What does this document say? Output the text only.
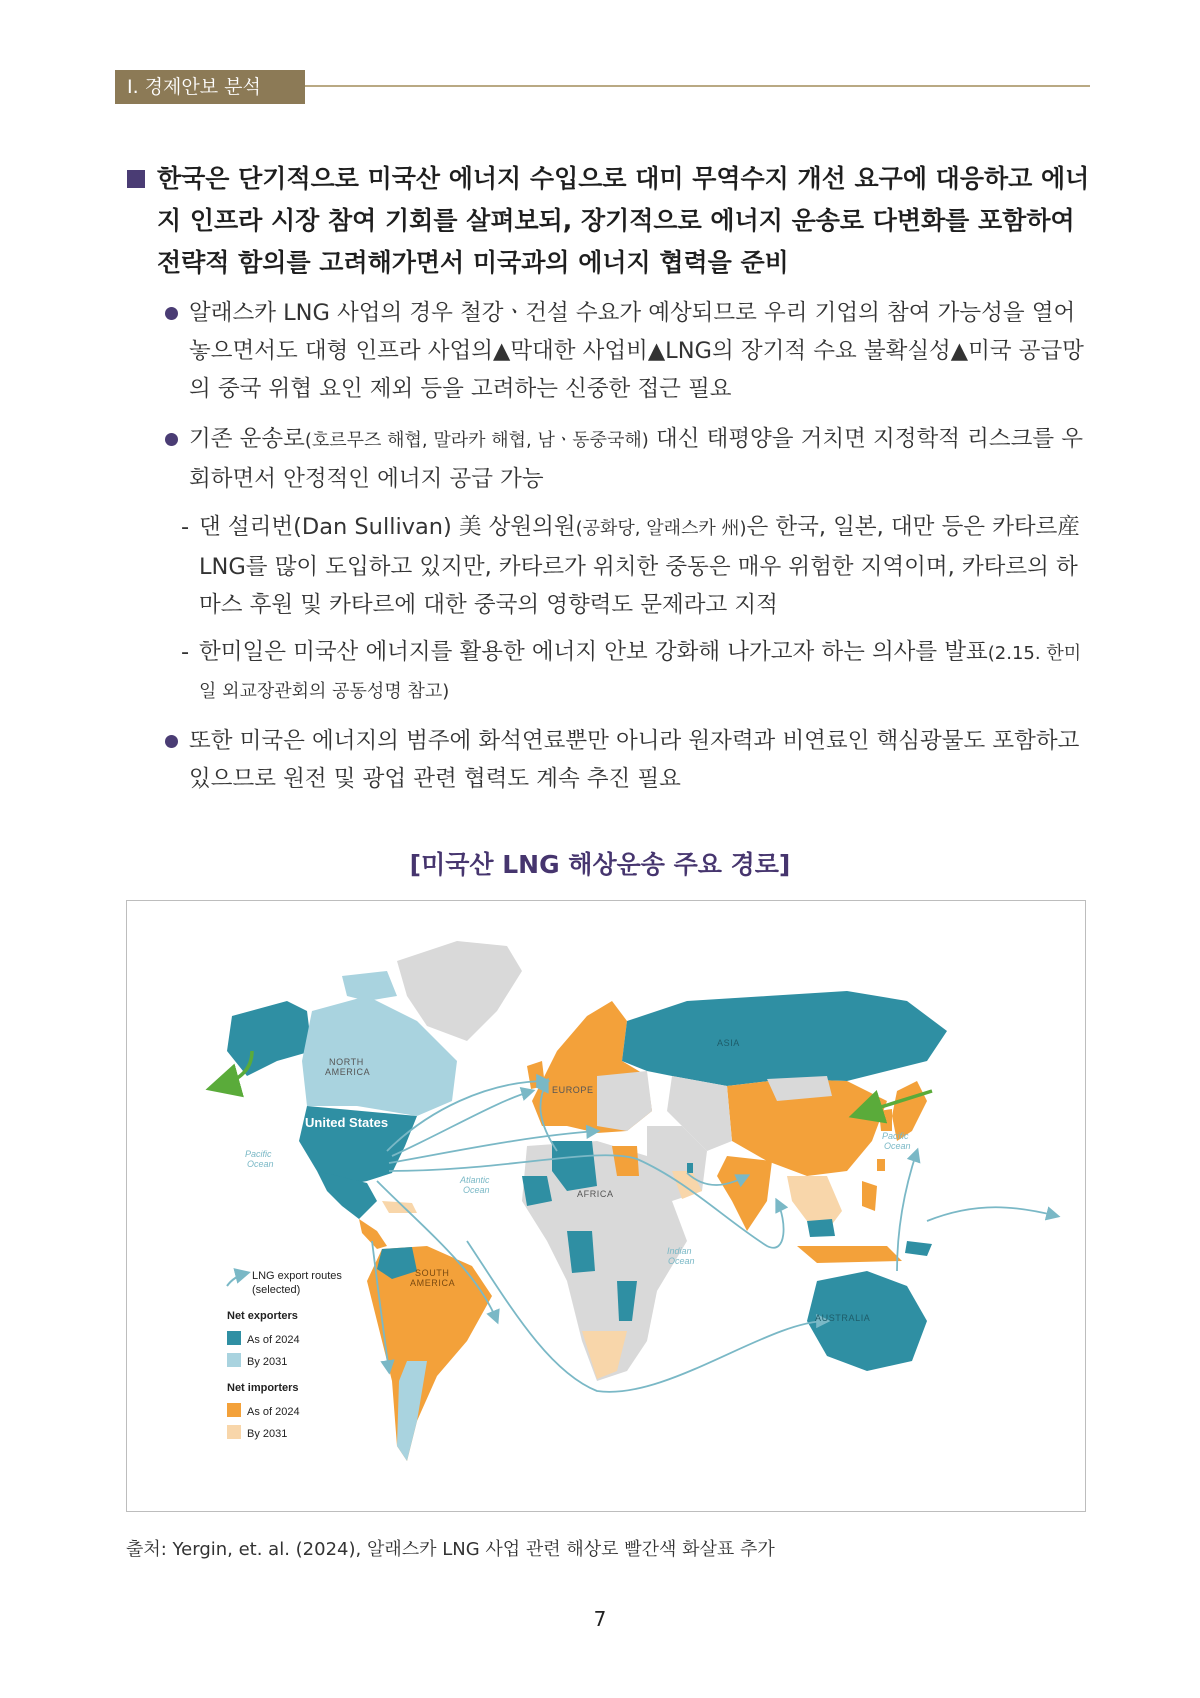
Ⅰ. 경제안보 분석
한국은 단기적으로 미국산 에너지 수입으로 대미 무역수지 개선 요구에 대응하고 에너지 인프라 시장 참여 기회를 살펴보되, 장기적으로 에너지 운송로 다변화를 포함하여 전략적 함의를 고려해가면서 미국과의 에너지 협력을 준비
알래스카 LNG 사업의 경우 철강ㆍ건설 수요가 예상되므로 우리 기업의 참여 가능성을 열어 놓으면서도 대형 인프라 사업의▲막대한 사업비▲LNG의 장기적 수요 불확실성▲미국 공급망의 중국 위협 요인 제외 등을 고려하는 신중한 접근 필요
기존 운송로(호르무즈 해협, 말라카 해협, 남ㆍ동중국해) 대신 태평양을 거치면 지정학적 리스크를 우회하면서 안정적인 에너지 공급 가능
- 댄 설리번(Dan Sullivan) 美 상원의원(공화당, 알래스카 州)은 한국, 일본, 대만 등은 카타르産 LNG를 많이 도입하고 있지만, 카타르가 위치한 중동은 매우 위험한 지역이며, 카타르의 하마스 후원 및 카타르에 대한 중국의 영향력도 문제라고 지적
- 한미일은 미국산 에너지를 활용한 에너지 안보 강화해 나가고자 하는 의사를 발표(2.15. 한미일 외교장관회의 공동성명 참고)
또한 미국은 에너지의 범주에 화석연료뿐만 아니라 원자력과 비연료인 핵심광물도 포함하고 있으므로 원전 및 광업 관련 협력도 계속 추진 필요
[미국산 LNG 해상운송 주요 경로]
NORTH
AMERICA
EUROPE
ASIA
AFRICA
SOUTH
AMERICA
AUSTRALIA
United States
Pacific
Ocean
Pacific
Ocean
Atlantic
Ocean
Indian
Ocean
LNG export routes
(selected)
Net exporters
As of 2024
By 2031
Net importers
As of 2024
By 2031
출처: Yergin, et. al. (2024), 알래스카 LNG 사업 관련 해상로 빨간색 화살표 추가
7
